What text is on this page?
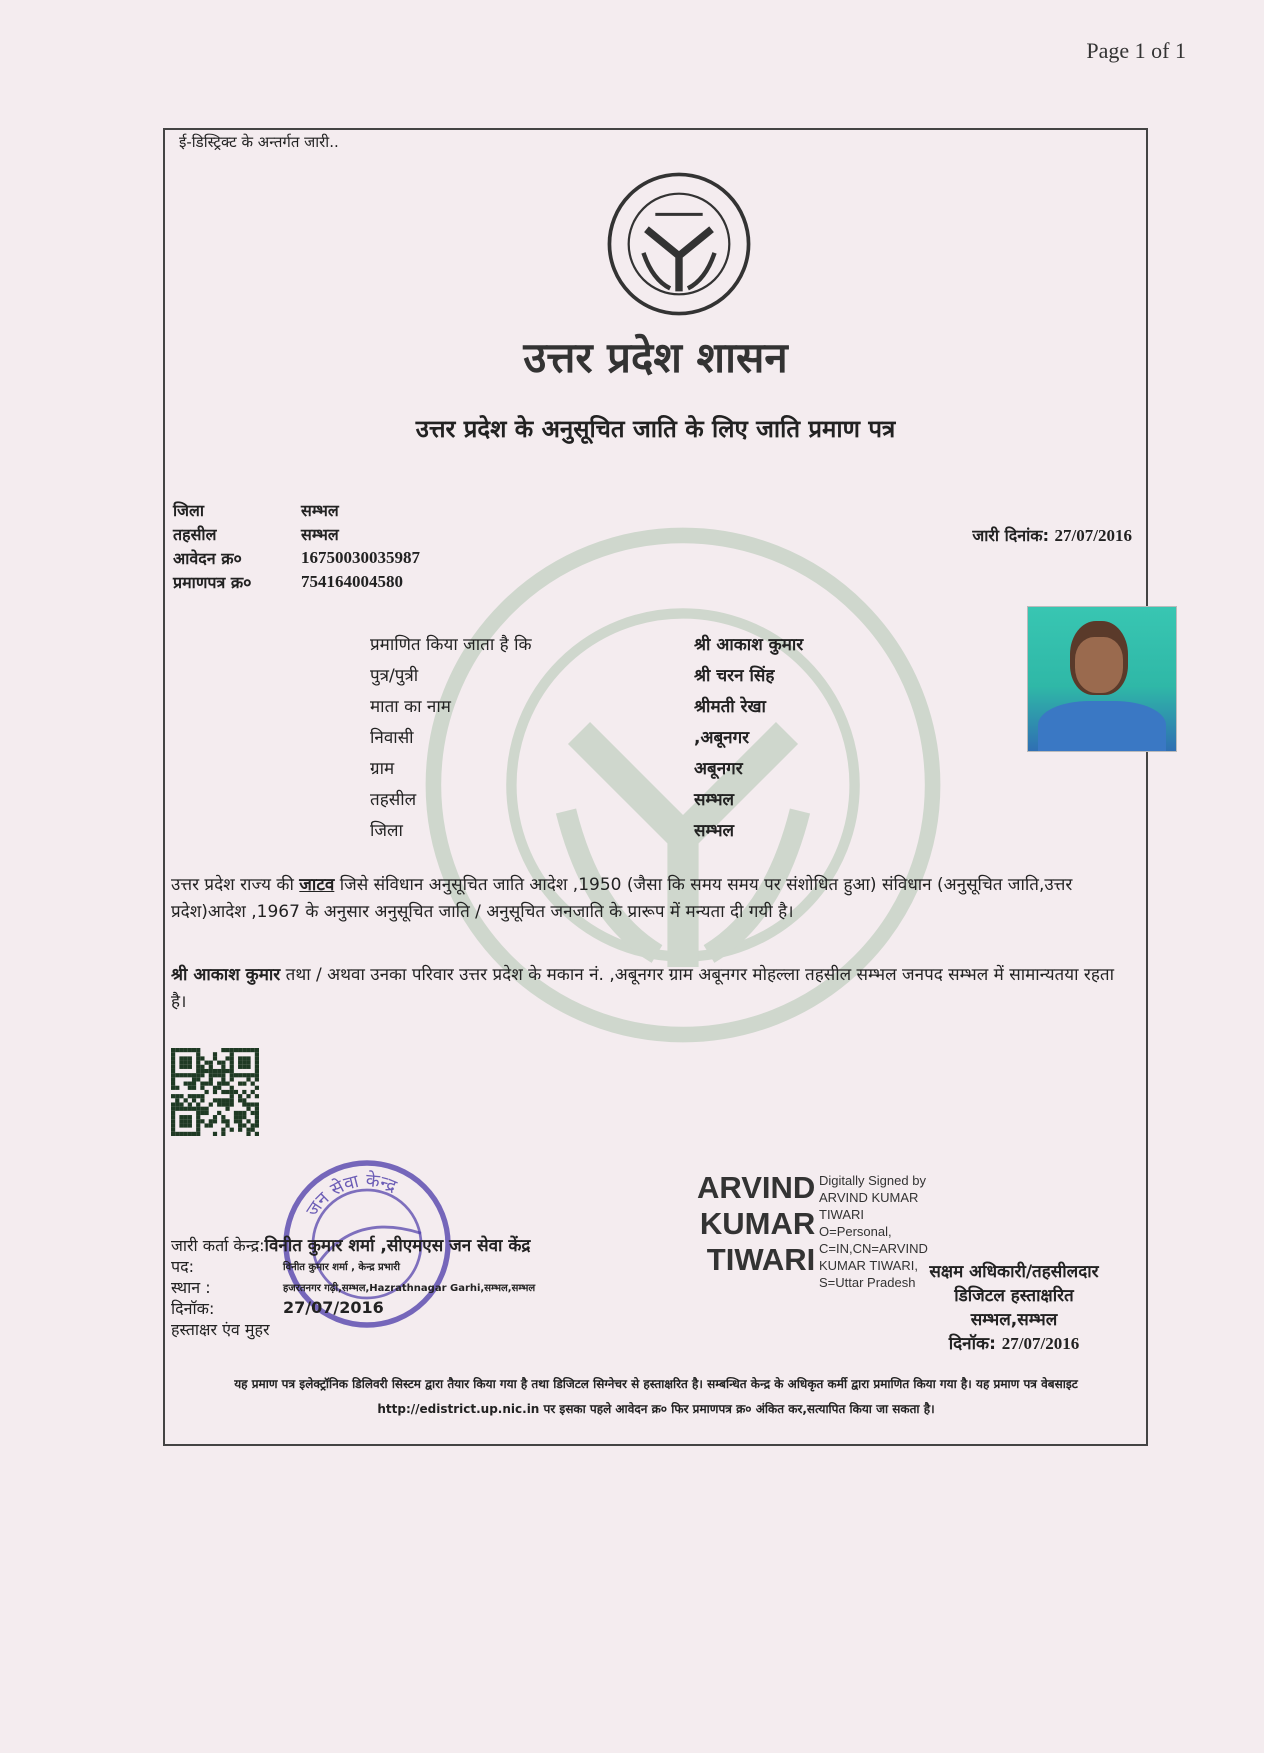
Page 1 of 1
ई-डिस्ट्रिक्ट के अन्तर्गत जारी..
उत्तर प्रदेश शासन
उत्तर प्रदेश के अनुसूचित जाति के लिए जाति प्रमाण पत्र
जिला	सम्भल
तहसील	सम्भल
आवेदन क्र०	16750030035987
प्रमाणपत्र क्र०	754164004580
जारी दिनांक: 27/07/2016
प्रमाणित किया जाता है कि	श्री आकाश कुमार
पुत्र/पुत्री	श्री चरन सिंह
माता का नाम	श्रीमती रेखा
निवासी	,अबूनगर
ग्राम	अबूनगर
तहसील	सम्भल
जिला	सम्भल
उत्तर प्रदेश राज्य की जाटव जिसे संविधान अनुसूचित जाति आदेश ,1950 (जैसा कि समय समय पर संशोधित हुआ) संविधान (अनुसूचित जाति,उत्तर प्रदेश)आदेश ,1967 के अनुसार अनुसूचित जाति / अनुसूचित जनजाति के प्रारूप में मन्यता दी गयी है।
श्री आकाश कुमार तथा / अथवा उनका परिवार उत्तर प्रदेश के मकान नं. ,अबूनगर ग्राम अबूनगर मोहल्ला तहसील सम्भल जनपद सम्भल में सामान्यतया रहता है।
जन सेवा केन्द्र
जारी कर्ता केन्द्र: विनीत कुमार शर्मा ,सीएमएस जन सेवा केंद्र
पद:	विनीत कुमार शर्मा , केन्द्र प्रभारी
स्थान :	हजरतनगर गढ़ी,सम्भल,Hazrathnagar Garhi,सम्भल,सम्भल
दिनॉक:	27/07/2016
हस्ताक्षर एंव मुहर
ARVIND
KUMAR
TIWARI
Digitally Signed by
ARVIND KUMAR
TIWARI
O=Personal,
C=IN,CN=ARVIND
KUMAR TIWARI,
S=Uttar Pradesh
सक्षम अधिकारी/तहसीलदार
डिजिटल हस्ताक्षरित
सम्भल,सम्भल
दिनॉक: 27/07/2016
यह प्रमाण पत्र इलेक्ट्रॉनिक डिलिवरी सिस्टम द्वारा तैयार किया गया है तथा डिजिटल सिग्नेचर से हस्ताक्षरित है। सम्बन्धित केन्द्र के अधिकृत कर्मी द्वारा प्रमाणित किया गया है। यह प्रमाण पत्र वेबसाइट http://edistrict.up.nic.in पर इसका पहले आवेदन क्र० फिर प्रमाणपत्र क्र० अंकित कर,सत्यापित किया जा सकता है।
